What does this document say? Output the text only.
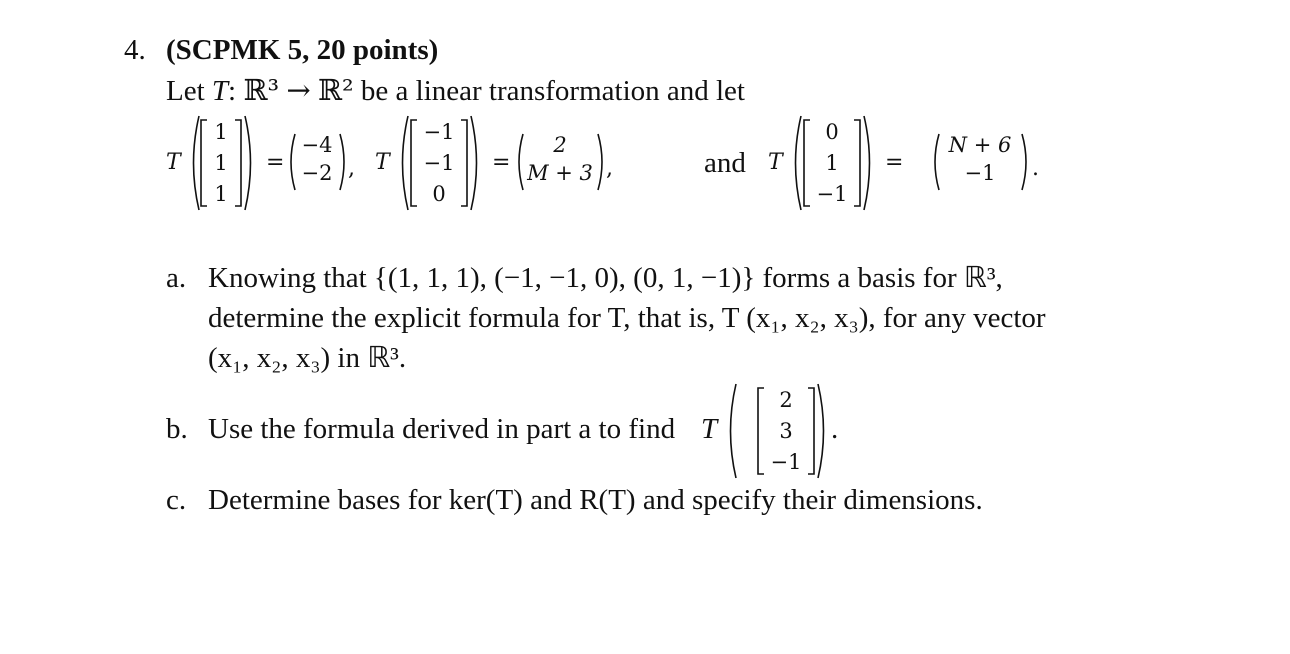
4. (SCPMK 5, 20 points)
Let T: ℝ³ → ℝ² be a linear transformation and let
T
1
1
1
=
−4
−2 , T
−1
−1
0
=
2
M + 3 ,	and T
0
1
−1
=
N + 6
−1	.
a. Knowing that {(1, 1, 1), (−1, −1, 0), (0, 1, −1)} forms a basis for ℝ³,
determine the explicit formula for T, that is, T (x₁, x₂, x₃), for any vector
(x₁, x₂, x₃) in ℝ³.
b. Use the formula derived in part a to find T
2
3
−1
.
c. Determine bases for ker(T) and R(T) and specify their dimensions.
